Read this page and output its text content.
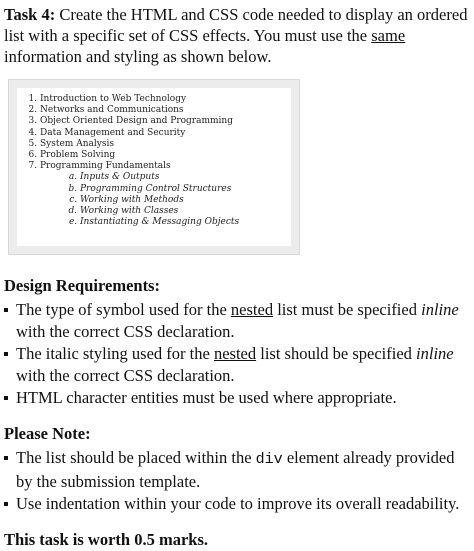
Task 4: Create the HTML and CSS code needed to display an ordered list with a specific set of CSS effects. You must use the same information and styling as shown below.

1. Introduction to Web Technology
2. Networks and Communications
3. Object Oriented Design and Programming
4. Data Management and Security
5. System Analysis
6. Problem Solving
7. Programming Fundamentals
a. Inputs & Outputs
b. Programming Control Structures
c. Working with Methods
d. Working with Classes
e. Instantiating & Messaging Objects
Design Requirements:
The type of symbol used for the nested list must be specified inline with the correct CSS declaration.
The italic styling used for the nested list should be specified inline with the correct CSS declaration.
HTML character entities must be used where appropriate.
Please Note:
The list should be placed within the div element already provided by the submission template.
Use indentation within your code to improve its overall readability.
This task is worth 0.5 marks.
